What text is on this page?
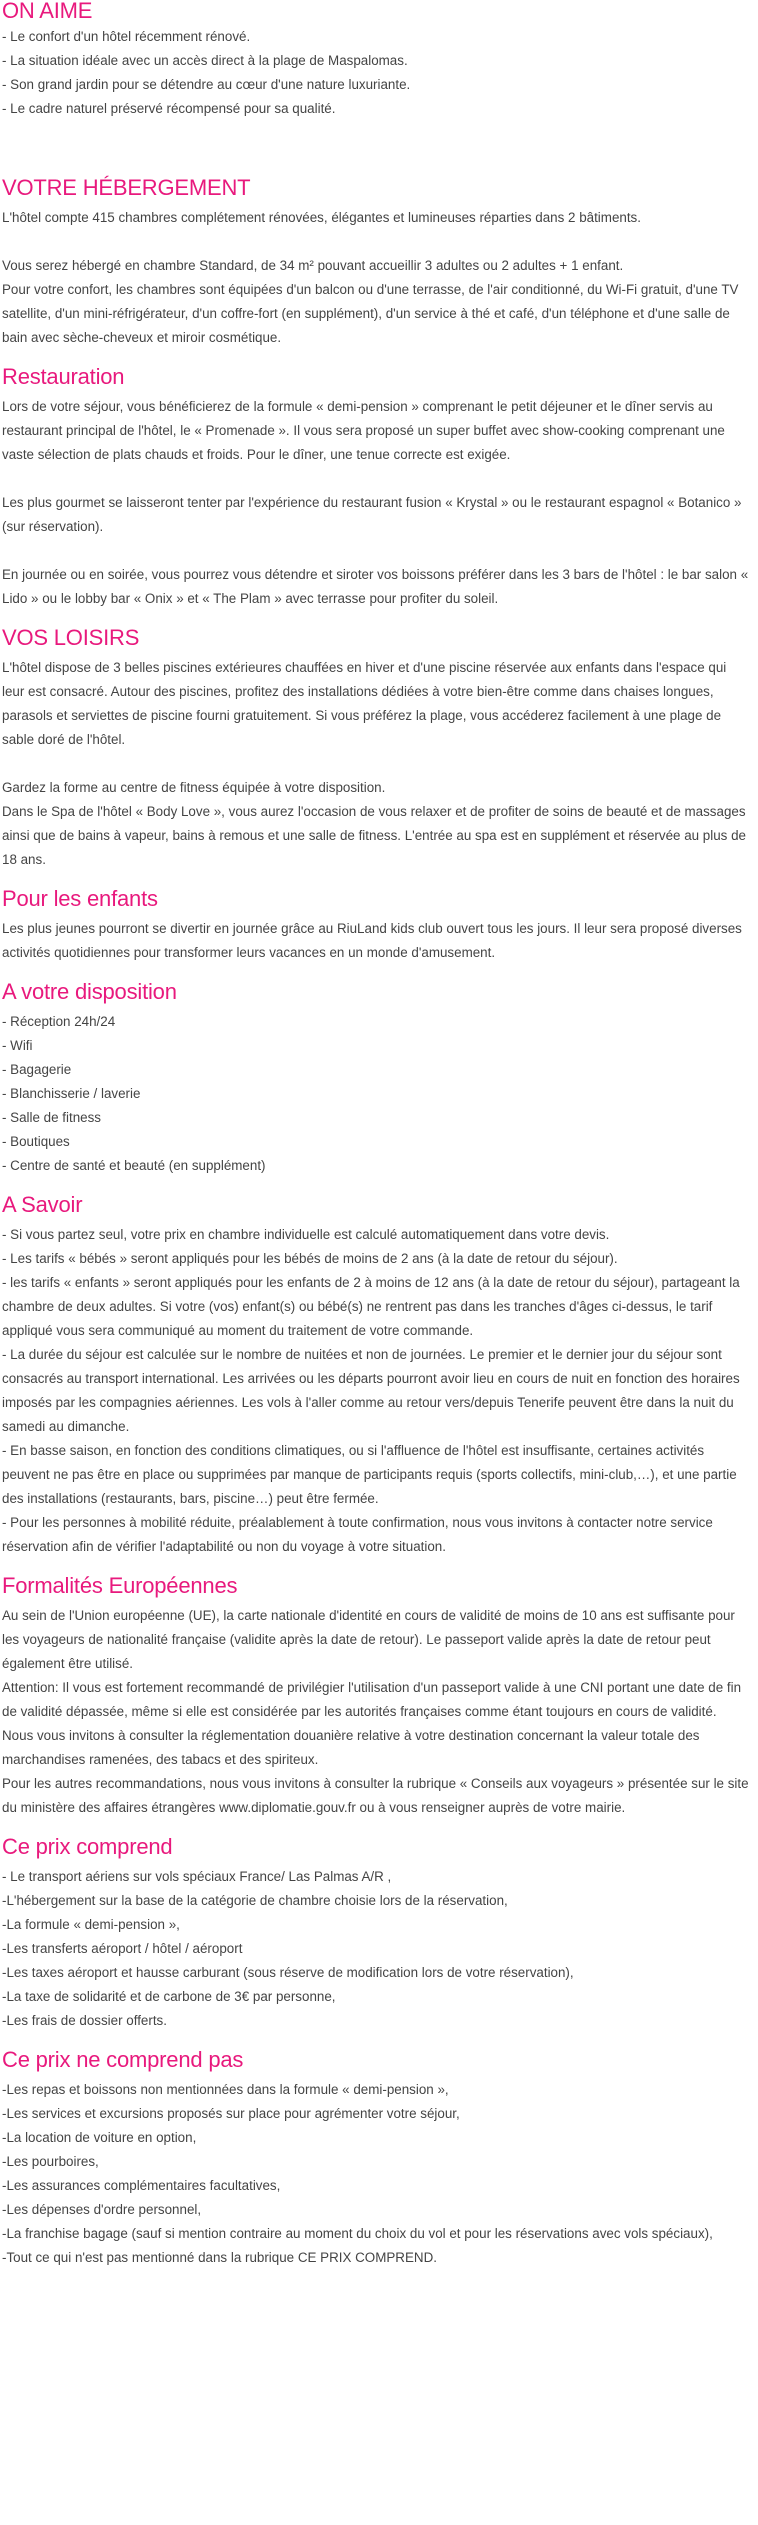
ON AIME

- Le confort d'un hôtel récemment rénové.

- La situation idéale avec un accès direct à la plage de Maspalomas.

- Son grand jardin pour se détendre au cœur d'une nature luxuriante.

- Le cadre naturel préservé récompensé pour sa qualité.

VOTRE HÉBERGEMENT

L'hôtel compte 415 chambres complétement rénovées, élégantes et lumineuses réparties dans 2 bâtiments.

Vous serez hébergé en chambre Standard, de 34 m² pouvant accueillir 3 adultes ou 2 adultes + 1 enfant.

Pour votre confort, les chambres sont équipées d'un balcon ou d'une terrasse, de l'air conditionné, du Wi-Fi gratuit, d'une TV satellite, d'un mini-réfrigérateur, d'un coffre-fort (en supplément), d'un service à thé et café, d'un téléphone et d'une salle de bain avec sèche-cheveux et miroir cosmétique.

Restauration

Lors de votre séjour, vous bénéficierez de la formule « demi-pension » comprenant le petit déjeuner et le dîner servis au restaurant principal de l'hôtel, le « Promenade ». Il vous sera proposé un super buffet avec show-cooking comprenant une vaste sélection de plats chauds et froids. Pour le dîner, une tenue correcte est exigée.

Les plus gourmet se laisseront tenter par l'expérience du restaurant fusion « Krystal » ou le restaurant espagnol « Botanico » (sur réservation).

En journée ou en soirée, vous pourrez vous détendre et siroter vos boissons préférer dans les 3 bars de l'hôtel : le bar salon « Lido » ou le lobby bar « Onix » et « The Plam » avec terrasse pour profiter du soleil.

VOS LOISIRS

L'hôtel dispose de 3 belles piscines extérieures chauffées en hiver et d'une piscine réservée aux enfants dans l'espace qui leur est consacré. Autour des piscines, profitez des installations dédiées à votre bien-être comme dans chaises longues, parasols et serviettes de piscine fourni gratuitement. Si vous préférez la plage, vous accéderez facilement à une plage de sable doré de l'hôtel.

Gardez la forme au centre de fitness équipée à votre disposition.

Dans le Spa de l'hôtel « Body Love », vous aurez l'occasion de vous relaxer et de profiter de soins de beauté et de massages ainsi que de bains à vapeur, bains à remous et une salle de fitness. L'entrée au spa est en supplément et réservée au plus de 18 ans.

Pour les enfants

Les plus jeunes pourront se divertir en journée grâce au RiuLand kids club ouvert tous les jours. Il leur sera proposé diverses activités quotidiennes pour transformer leurs vacances en un monde d'amusement.

A votre disposition

- Réception 24h/24

- Wifi

- Bagagerie

- Blanchisserie / laverie

- Salle de fitness

- Boutiques

- Centre de santé et beauté (en supplément)

A Savoir

- Si vous partez seul, votre prix en chambre individuelle est calculé automatiquement dans votre devis.

- Les tarifs « bébés » seront appliqués pour les bébés de moins de 2 ans (à la date de retour du séjour).

- les tarifs « enfants » seront appliqués pour les enfants de 2 à moins de 12 ans (à la date de retour du séjour), partageant la chambre de deux adultes. Si votre (vos) enfant(s) ou bébé(s) ne rentrent pas dans les tranches d'âges ci-dessus, le tarif appliqué vous sera communiqué au moment du traitement de votre commande.

- La durée du séjour est calculée sur le nombre de nuitées et non de journées. Le premier et le dernier jour du séjour sont consacrés au transport international. Les arrivées ou les départs pourront avoir lieu en cours de nuit en fonction des horaires imposés par les compagnies aériennes. Les vols à l'aller comme au retour vers/depuis Tenerife peuvent être dans la nuit du samedi au dimanche.

- En basse saison, en fonction des conditions climatiques, ou si l'affluence de l'hôtel est insuffisante, certaines activités peuvent ne pas être en place ou supprimées par manque de participants requis (sports collectifs, mini-club,…), et une partie des installations (restaurants, bars, piscine…) peut être fermée.

- Pour les personnes à mobilité réduite, préalablement à toute confirmation, nous vous invitons à contacter notre service réservation afin de vérifier l'adaptabilité ou non du voyage à votre situation.

Formalités Européennes

Au sein de l'Union européenne (UE), la carte nationale d'identité en cours de validité de moins de 10 ans est suffisante pour les voyageurs de nationalité française (validite après la date de retour). Le passeport valide après la date de retour peut également être utilisé.

Attention: Il vous est fortement recommandé de privilégier l'utilisation d'un passeport valide à une CNI portant une date de fin de validité dépassée, même si elle est considérée par les autorités françaises comme étant toujours en cours de validité.

Nous vous invitons à consulter la réglementation douanière relative à votre destination concernant la valeur totale des marchandises ramenées, des tabacs et des spiriteux.

Pour les autres recommandations, nous vous invitons à consulter la rubrique « Conseils aux voyageurs » présentée sur le site du ministère des affaires étrangères www.diplomatie.gouv.fr ou à vous renseigner auprès de votre mairie.

Ce prix comprend

- Le transport aériens sur vols spéciaux France/ Las Palmas A/R ,

-L'hébergement sur la base de la catégorie de chambre choisie lors de la réservation,

-La formule « demi-pension »,

-Les transferts aéroport / hôtel / aéroport

-Les taxes aéroport et hausse carburant (sous réserve de modification lors de votre réservation),

-La taxe de solidarité et de carbone de 3€ par personne,

-Les frais de dossier offerts.

Ce prix ne comprend pas

-Les repas et boissons non mentionnées dans la formule « demi-pension »,

-Les services et excursions proposés sur place pour agrémenter votre séjour,

-La location de voiture en option,

-Les pourboires,

-Les assurances complémentaires facultatives,

-Les dépenses d'ordre personnel,

-La franchise bagage (sauf si mention contraire au moment du choix du vol et pour les réservations avec vols spéciaux),

-Tout ce qui n'est pas mentionné dans la rubrique CE PRIX COMPREND.
